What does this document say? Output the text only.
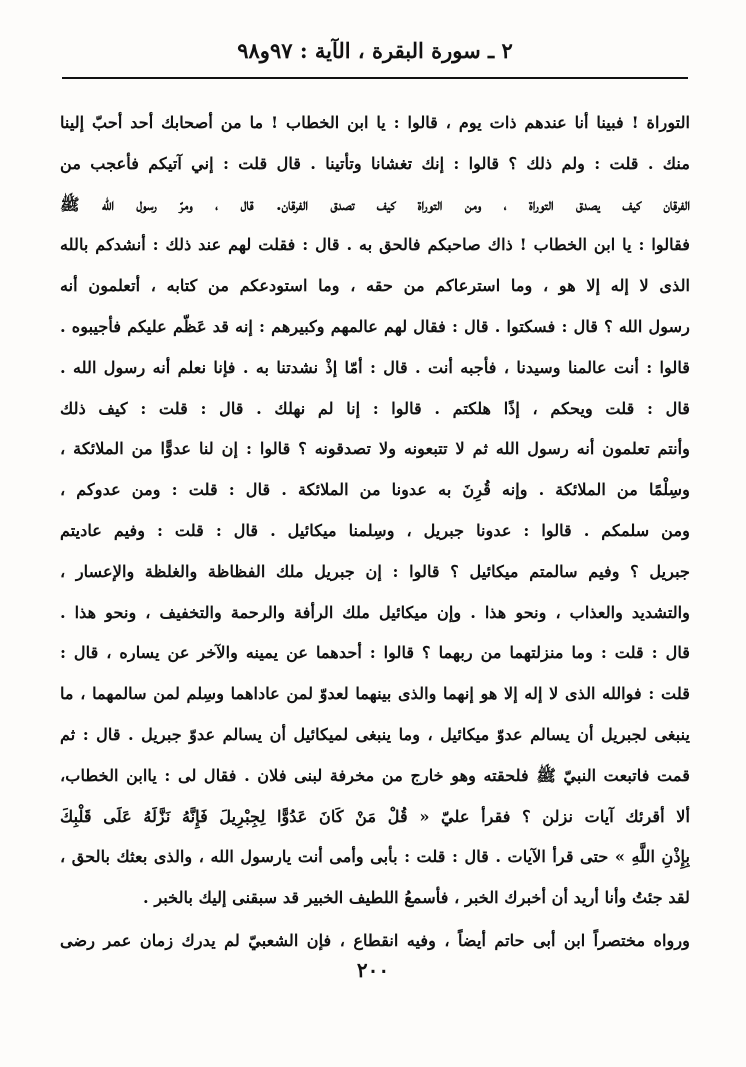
٢ ـ سورة البقرة ، الآية : ٩٧و٩٨
التوراة ! فبينا أنا عندهم ذات يوم ، قالوا : يا ابن الخطاب ! ما من أصحابك أحد أحبّ إلينا
منك . قلت : ولم ذلك ؟ قالوا : إنك تغشانا وتأتينا . قال قلت : إني آتيكم فأعجب من
الفرقان كيف يصدق التوراة ، ومن التوراة كيف تصدق الفرقان. قال ، ومرّ رسول الله ﷺ
فقالوا : يا ابن الخطاب ! ذاك صاحبكم فالحق به . قال : فقلت لهم عند ذلك : أنشدكم بالله
الذى لا إله إلا هو ، وما استرعاكم من حقه ، وما استودعكم من كتابه ، أتعلمون أنه
رسول الله ؟ قال : فسكتوا . قال : فقال لهم عالمهم وكبيرهم : إنه قد عَظّم عليكم فأجيبوه .
قالوا : أنت عالمنا وسيدنا ، فأجبه أنت . قال : أمّا إذْ نشدتنا به . فإنا نعلم أنه رسول الله .
قال : قلت ويحكم ، إذًا هلكتم . قالوا : إنا لم نهلك . قال : قلت : كيف ذلك
وأنتم تعلمون أنه رسول الله ثم لا تتبعونه ولا تصدقونه ؟ قالوا : إن لنا عدوًّا من الملائكة ،
وسِلْمًا من الملائكة . وإنه قُرِنَ به عدونا من الملائكة . قال : قلت : ومن عدوكم ،
ومن سلمكم . قالوا : عدونا جبريل ، وسِلمنا ميكائيل . قال : قلت : وفيم عاديتم
جبريل ؟ وفيم سالمتم ميكائيل ؟ قالوا : إن جبريل ملك الفظاظة والغلظة والإعسار ،
والتشديد والعذاب ، ونحو هذا . وإن ميكائيل ملك الرأفة والرحمة والتخفيف ، ونحو هذا .
قال : قلت : وما منزلتهما من ربهما ؟ قالوا : أحدهما عن يمينه والآخر عن يساره ، قال :
قلت : فوالله الذى لا إله إلا هو إنهما والذى بينهما لعدوّ لمن عاداهما وسِلم لمن سالمهما ، ما
ينبغى لجبريل أن يسالم عدوّ ميكائيل ، وما ينبغى لميكائيل أن يسالم عدوّ جبريل . قال : ثم
قمت فاتبعت النبيّ ﷺ فلحقته وهو خارج من مخرفة لبنى فلان . فقال لى : ياابن الخطاب،
ألا أقرئك آيات نزلن ؟ فقرأ عليّ « قُلْ مَنْ كَانَ عَدُوًّا لِجِبْرِيلَ فَإِنَّهُ نَزَّلَهُ عَلَى قَلْبِكَ
بِإِذْنِ اللَّهِ » حتى قرأ الآيات . قال : قلت : بأبى وأمى أنت يارسول الله ، والذى بعثك بالحق ،
لقد جئتُ وأنا أريد أن أخبرك الخبر ، فأسمعُ اللطيف الخبير قد سبقنى إليك بالخبر .
ورواه مختصراً ابن أبى حاتم أيضاً ، وفيه انقطاع ، فإن الشعبيّ لم يدرك زمان عمر رضى
٢٠٠
